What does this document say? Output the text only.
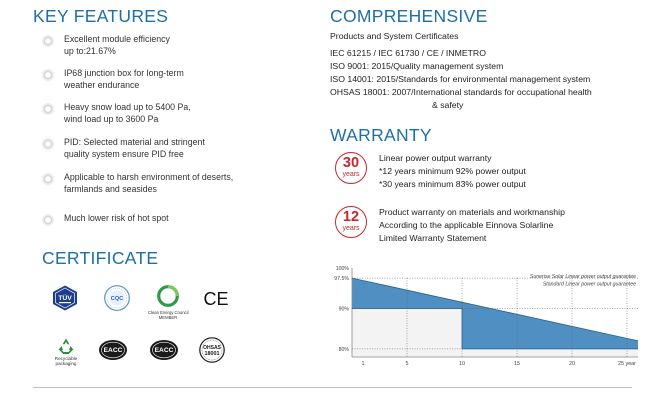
KEY FEATURES
Excellent module efficiency
up to:21.67%
IP68 junction box for long-term
weather endurance
Heavy snow load up to 5400 Pa,
wind load up to 3600 Pa
PID: Selected material and stringent
quality system ensure PID free
Applicable to harsh environment of deserts,
farmlands and seasides
Much lower risk of hot spot
CERTIFICATE
TÜV	CQC
Clean Energy Council
MEMBER
CE
Recyclable
packaging
EACC	EACC	OHSAS
18001
COMPREHENSIVE
Products and System Certificates
IEC 61215 / IEC 61730 / CE / INMETRO
ISO 9001: 2015/Quality management system
ISO 14001: 2015/Standards for environmental management system
OHSAS 18001: 2007/International standards for occupational health
& safety
WARRANTY
30
years
Linear power output warranty
*12 years minimum 92% power output
*30 years minimum 83% power output
12
years
Product warranty on materials and workmanship
According to the applicable Einnova Solarline
Limited Warranty Statement
100%
97.5%
90%
80%
1	5	10	15	20	25 year
Sunerise Solar Linear power output guarantee
Standard Linear power output guarantee
